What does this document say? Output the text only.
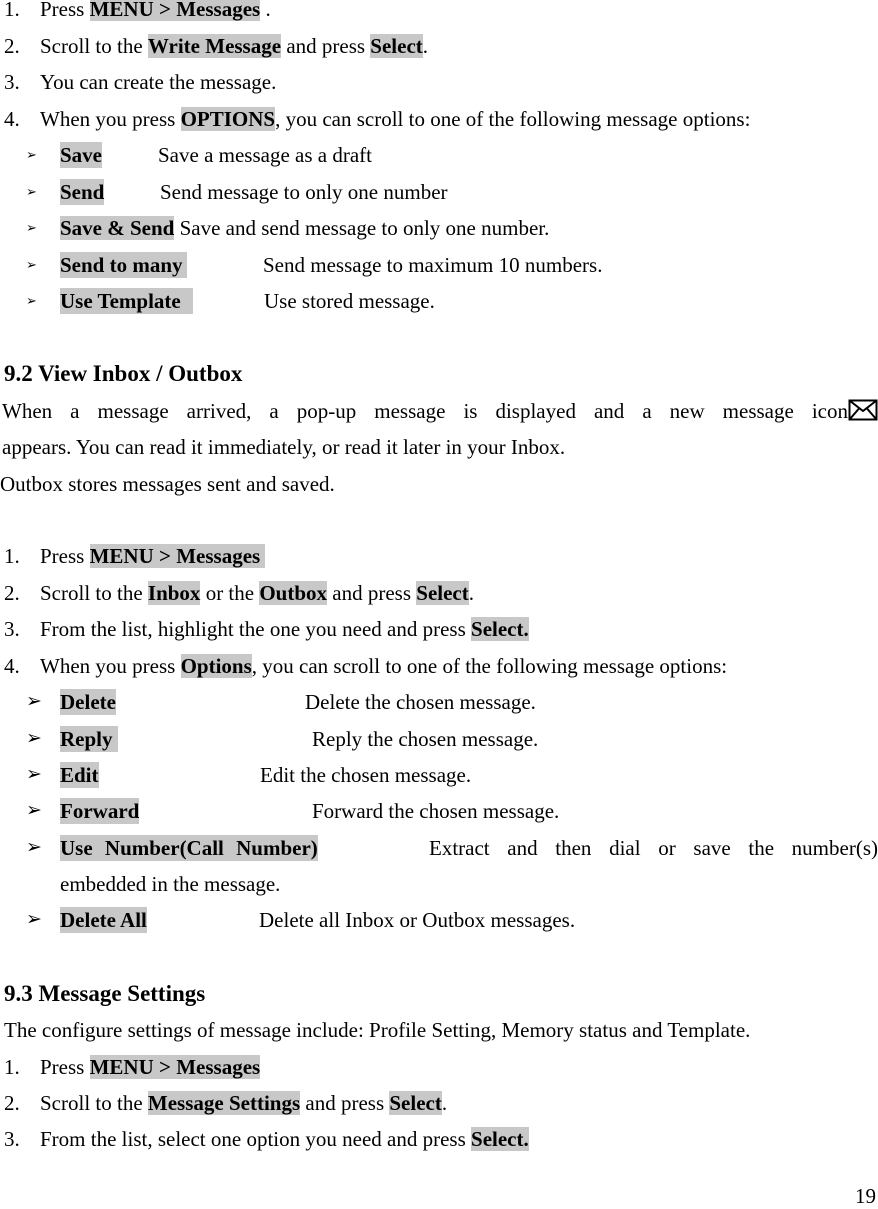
1. Press MENU > Messages .
2. Scroll to the Write Message and press Select.
3. You can create the message.
4. When you press OPTIONS, you can scroll to one of the following message options:
➢ Save	Save a message as a draft
➢ Send	Send message to only one number
➢ Save & Send Save and send message to only one number.
➢ Send to many	Send message to maximum 10 numbers.
➢ Use Template	Use stored message.
9.2 View Inbox / Outbox
When a message arrived, a pop-up message is displayed and a new message icon
appears. You can read it immediately, or read it later in your Inbox.
Outbox stores messages sent and saved.
1. Press MENU > Messages
2. Scroll to the Inbox or the Outbox and press Select.
3. From the list, highlight the one you need and press Select.
4. When you press Options, you can scroll to one of the following message options:
➢ Delete	Delete the chosen message.
➢ Reply	Reply the chosen message.
➢ Edit	Edit the chosen message.
➢ Forward	Forward the chosen message.
➢ Use Number(Call Number)	Extract and then dial or save the number(s)
embedded in the message.
➢ Delete All	Delete all Inbox or Outbox messages.
9.3 Message Settings
The configure settings of message include: Profile Setting, Memory status and Template.
1. Press MENU > Messages
2. Scroll to the Message Settings and press Select.
3. From the list, select one option you need and press Select.
19
